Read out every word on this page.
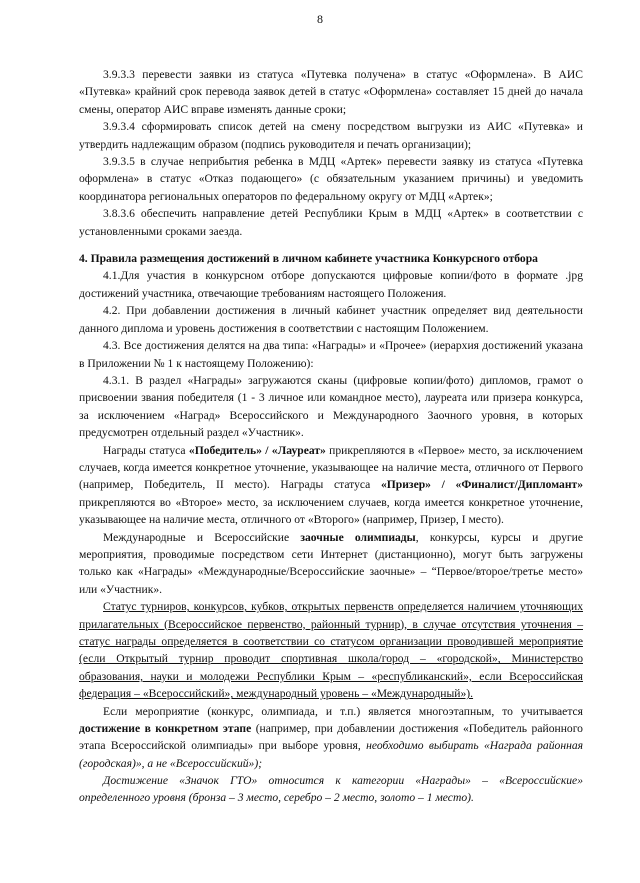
8

3.9.3.3 перевести заявки из статуса «Путевка получена» в статус «Оформлена». В АИС «Путевка» крайний срок перевода заявок детей в статус «Оформлена» составляет 15 дней до начала смены, оператор АИС вправе изменять данные сроки;

3.9.3.4 сформировать список детей на смену посредством выгрузки из АИС «Путевка» и утвердить надлежащим образом (подпись руководителя и печать организации);

3.9.3.5 в случае неприбытия ребенка в МДЦ «Артек» перевести заявку из статуса «Путевка оформлена» в статус «Отказ подающего» (с обязательным указанием причины) и уведомить координатора региональных операторов по федеральному округу от МДЦ «Артек»;

3.8.3.6 обеспечить направление детей Республики Крым в МДЦ «Артек» в соответствии с установленными сроками заезда.

4. Правила размещения достижений в личном кабинете участника Конкурсного отбора

4.1.Для участия в конкурсном отборе допускаются цифровые копии/фото в формате .jpg достижений участника, отвечающие требованиям настоящего Положения.

4.2. При добавлении достижения в личный кабинет участник определяет вид деятельности данного диплома и уровень достижения в соответствии с настоящим Положением.

4.3. Все достижения делятся на два типа: «Награды» и «Прочее» (иерархия достижений указана в Приложении № 1 к настоящему Положению):

4.3.1. В раздел «Награды» загружаются сканы (цифровые копии/фото) дипломов, грамот о присвоении звания победителя (1 - 3 личное или командное место), лауреата или призера конкурса, за исключением «Наград» Всероссийского и Международного Заочного уровня, в которых предусмотрен отдельный раздел «Участник».

Награды статуса «Победитель» / «Лауреат» прикрепляются в «Первое» место, за исключением случаев, когда имеется конкретное уточнение, указывающее на наличие места, отличного от Первого (например, Победитель, II место). Награды статуса «Призер» / «Финалист/Дипломант» прикрепляются во «Второе» место, за исключением случаев, когда имеется конкретное уточнение, указывающее на наличие места, отличного от «Второго» (например, Призер, I место).

Международные и Всероссийские заочные олимпиады, конкурсы, курсы и другие мероприятия, проводимые посредством сети Интернет (дистанционно), могут быть загружены только как «Награды» «Международные/Всероссийские заочные» – “Первое/второе/третье место» или «Участник».

Статус турниров, конкурсов, кубков, открытых первенств определяется наличием уточняющих прилагательных (Всероссийское первенство, районный турнир), в случае отсутствия уточнения – статус награды определяется в соответствии со статусом организации проводившей мероприятие (если Открытый турнир проводит спортивная школа/город – «городской», Министерство образования, науки и молодежи Республики Крым – «республиканский», если Всероссийская федерация – «Всероссийский», международный уровень – «Международный»).

Если мероприятие (конкурс, олимпиада, и т.п.) является многоэтапным, то учитывается достижение в конкретном этапе (например, при добавлении достижения «Победитель районного этапа Всероссийской олимпиады» при выборе уровня, необходимо выбирать «Награда районная (городская)», а не «Всероссийский»);

Достижение «Значок ГТО» относится к категории «Награды» – «Всероссийские» определенного уровня (бронза – 3 место, серебро – 2 место, золото – 1 место).
